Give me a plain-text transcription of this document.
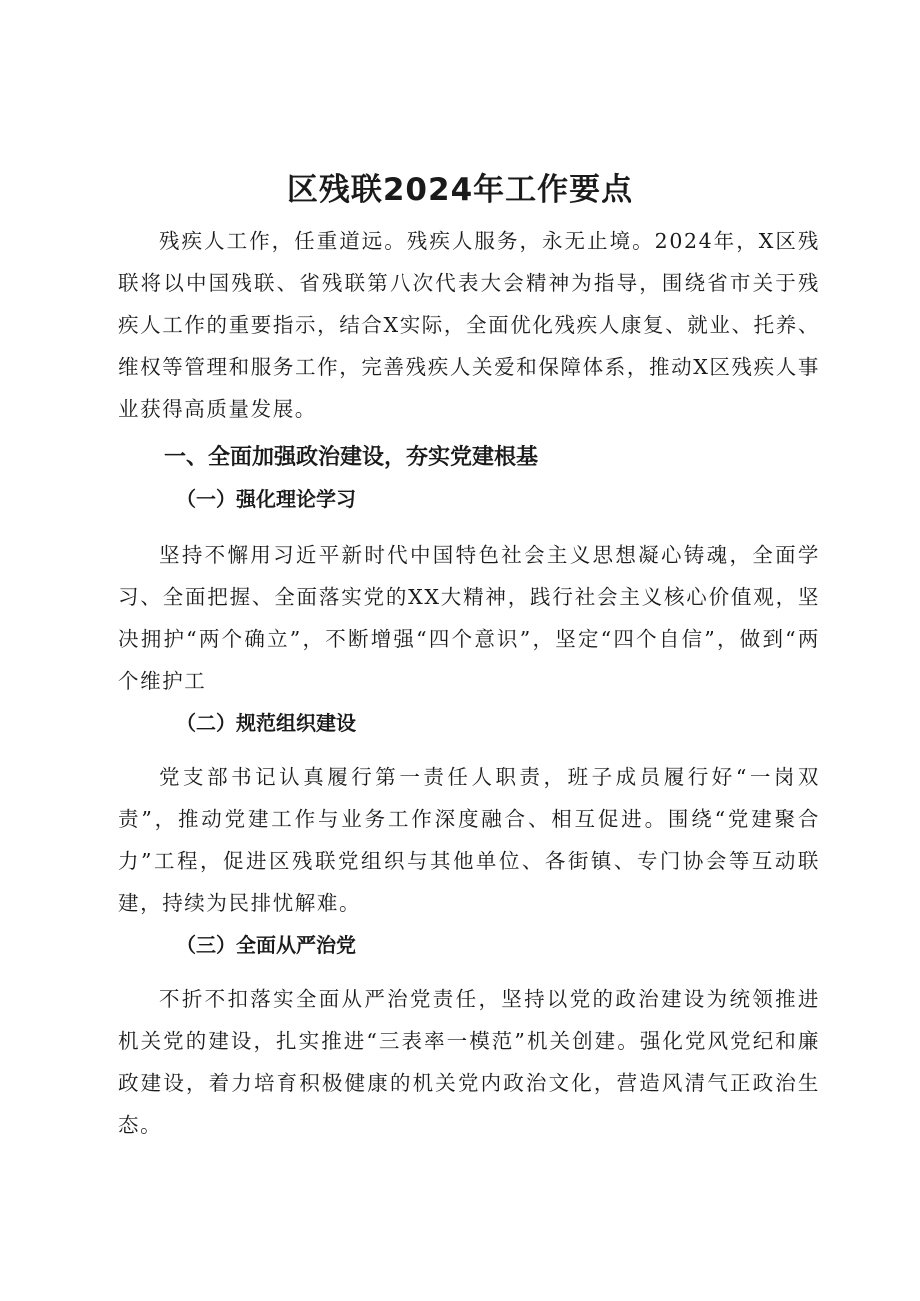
区残联2024年工作要点

残疾人工作，任重道远。残疾人服务，永无止境。2024年，X区残联将以中国残联、省残联第八次代表大会精神为指导，围绕省市关于残疾人工作的重要指示，结合X实际，全面优化残疾人康复、就业、托养、维权等管理和服务工作，完善残疾人关爱和保障体系，推动X区残疾人事业获得高质量发展。

一、全面加强政治建设，夯实党建根基
（一）强化理论学习

坚持不懈用习近平新时代中国特色社会主义思想凝心铸魂，全面学习、全面把握、全面落实党的XX大精神，践行社会主义核心价值观，坚决拥护“两个确立”，不断增强“四个意识”，坚定“四个自信”，做到“两个维护工

（二）规范组织建设

党支部书记认真履行第一责任人职责，班子成员履行好“一岗双责”，推动党建工作与业务工作深度融合、相互促进。围绕“党建聚合力”工程，促进区残联党组织与其他单位、各街镇、专门协会等互动联建，持续为民排忧解难。

（三）全面从严治党

不折不扣落实全面从严治党责任，坚持以党的政治建设为统领推进机关党的建设，扎实推进“三表率一模范”机关创建。强化党风党纪和廉政建设，着力培育积极健康的机关党内政治文化，营造风清气正政治生态。
